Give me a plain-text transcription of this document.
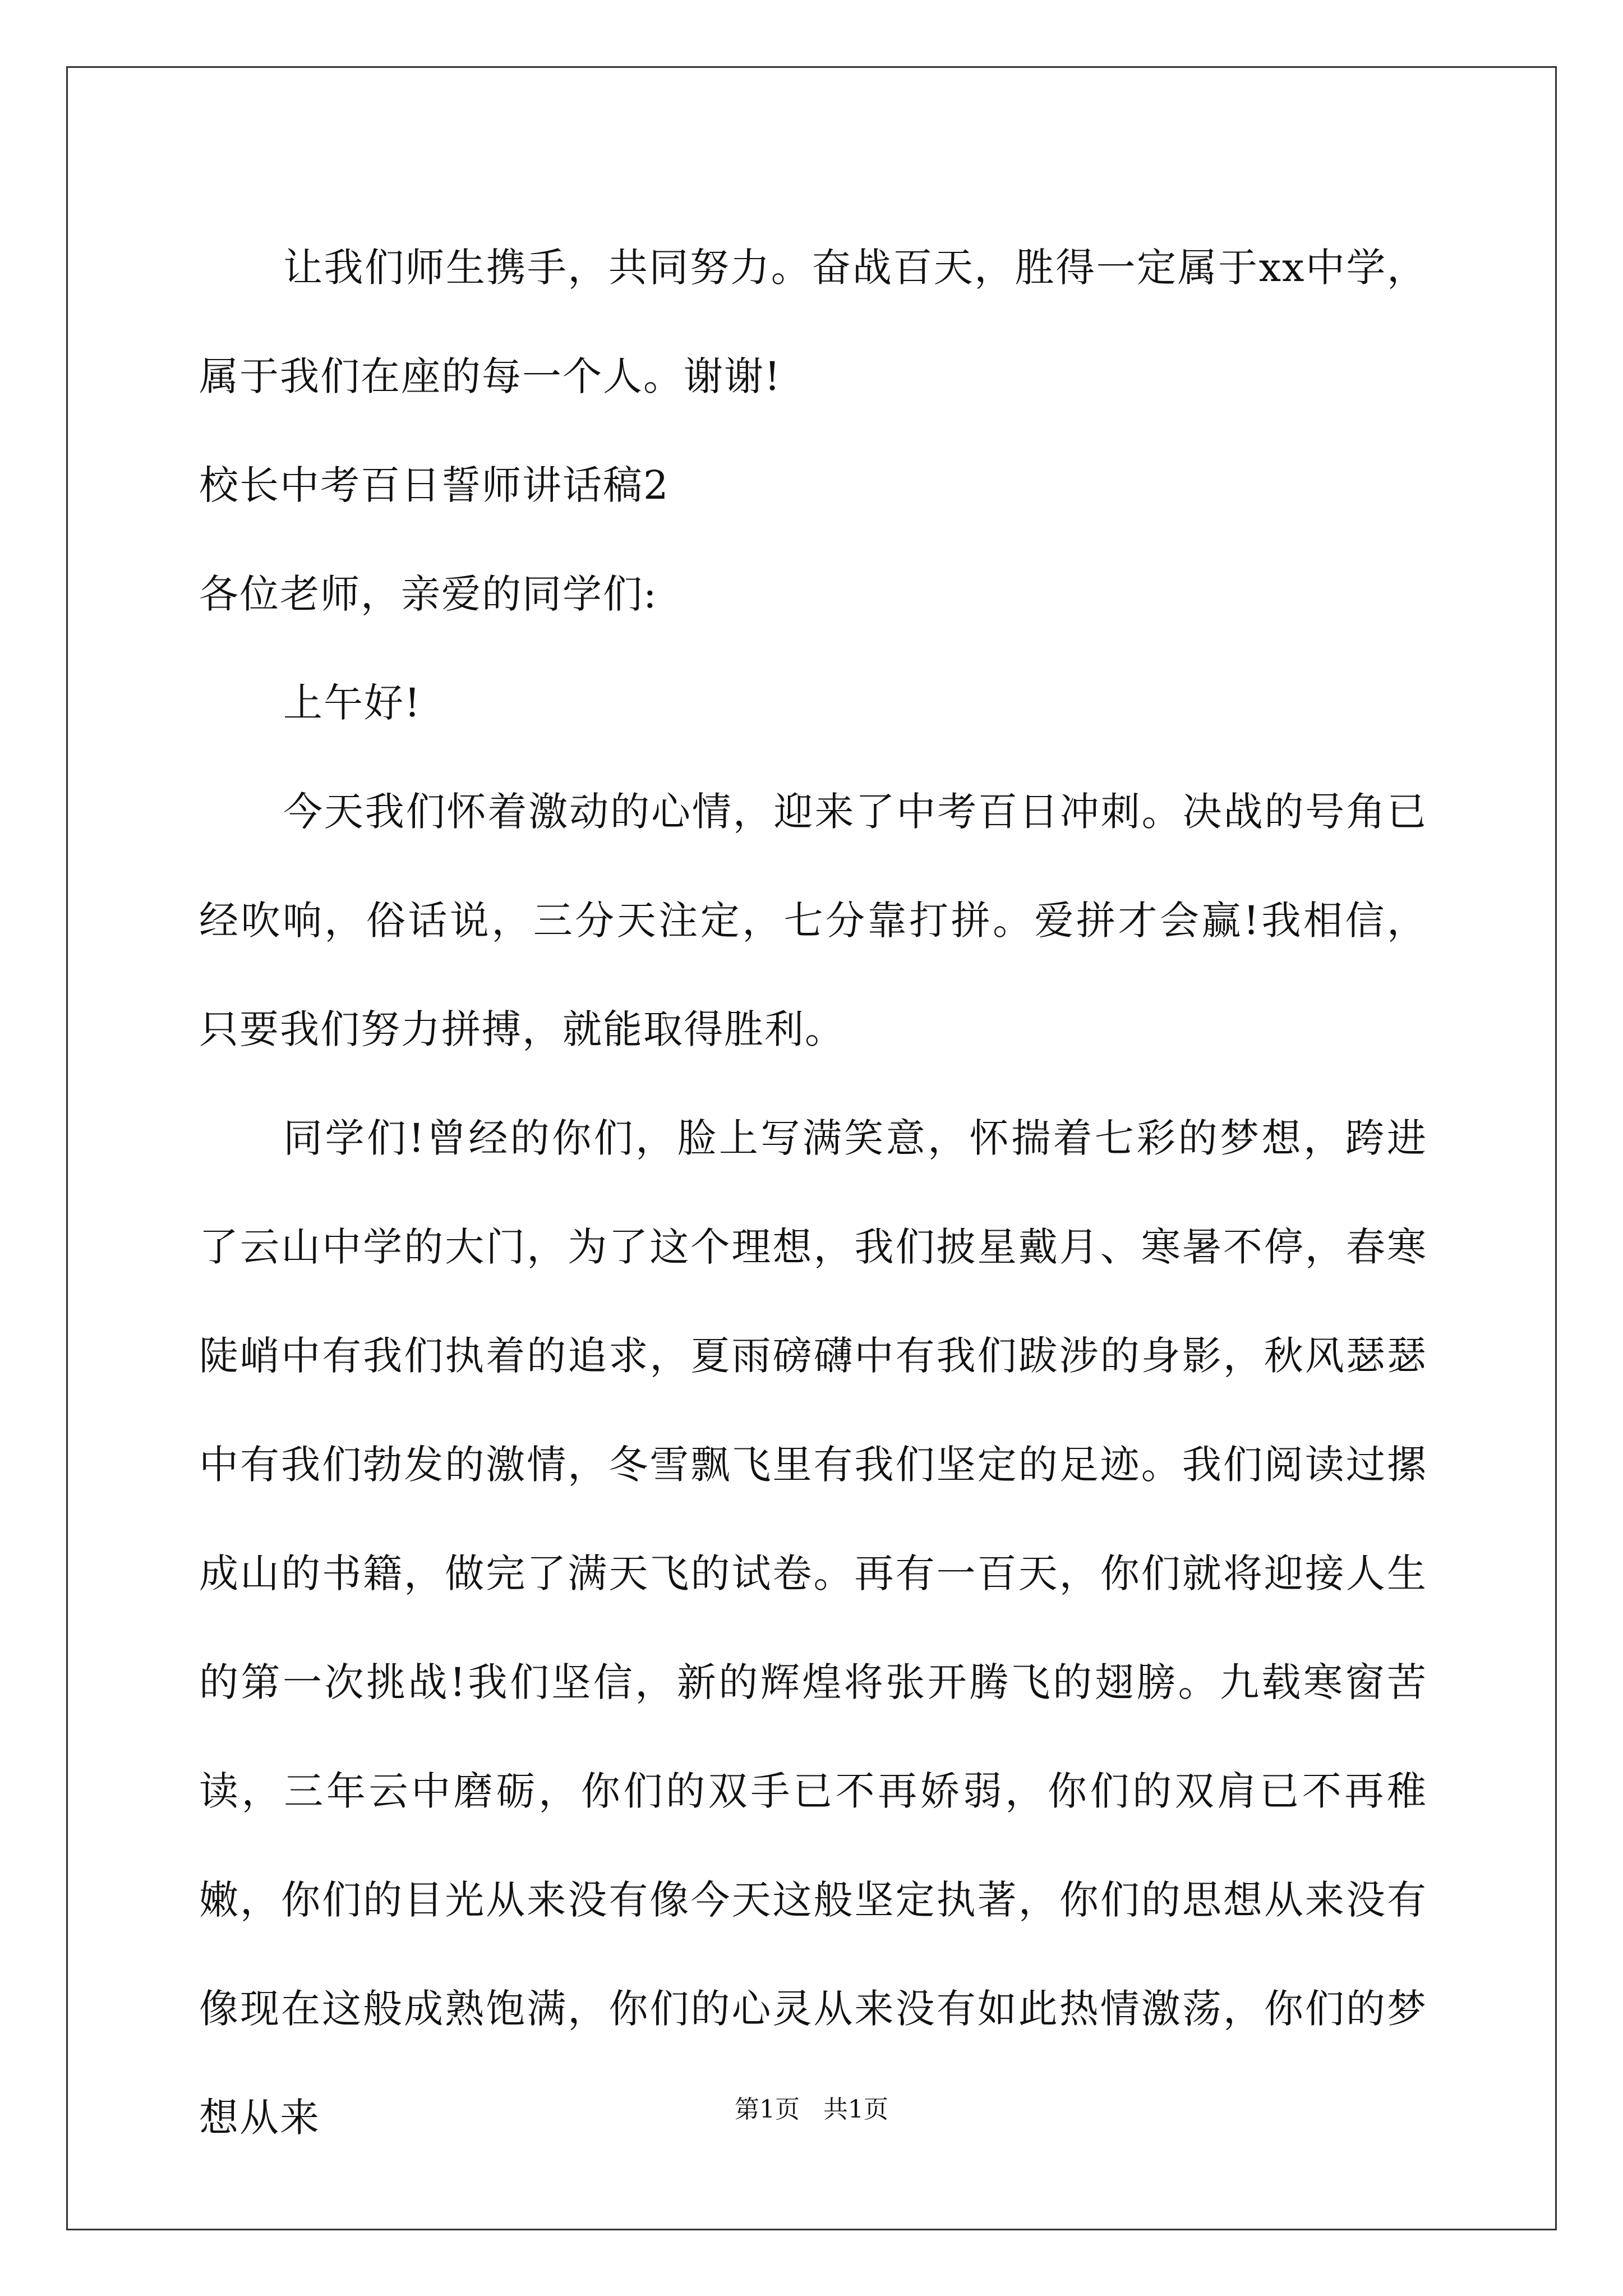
让我们师生携手，共同努力。奋战百天，胜得一定属于xx中学，属于我们在座的每一个人。谢谢!

校长中考百日誓师讲话稿2

各位老师，亲爱的同学们:

上午好!

今天我们怀着激动的心情，迎来了中考百日冲刺。决战的号角已经吹响，俗话说，三分天注定，七分靠打拼。爱拼才会赢!我相信，只要我们努力拼搏，就能取得胜利。

同学们!曾经的你们，脸上写满笑意，怀揣着七彩的梦想，跨进了云山中学的大门，为了这个理想，我们披星戴月、寒暑不停，春寒陡峭中有我们执着的追求，夏雨磅礴中有我们跋涉的身影，秋风瑟瑟中有我们勃发的激情，冬雪飘飞里有我们坚定的足迹。我们阅读过摞成山的书籍，做完了满天飞的试卷。再有一百天，你们就将迎接人生的第一次挑战!我们坚信，新的辉煌将张开腾飞的翅膀。九载寒窗苦读，三年云中磨砺，你们的双手已不再娇弱，你们的双肩已不再稚嫩，你们的目光从来没有像今天这般坚定执著，你们的思想从来没有像现在这般成熟饱满，你们的心灵从来没有如此热情激荡，你们的梦想从来	第1页   共1页
